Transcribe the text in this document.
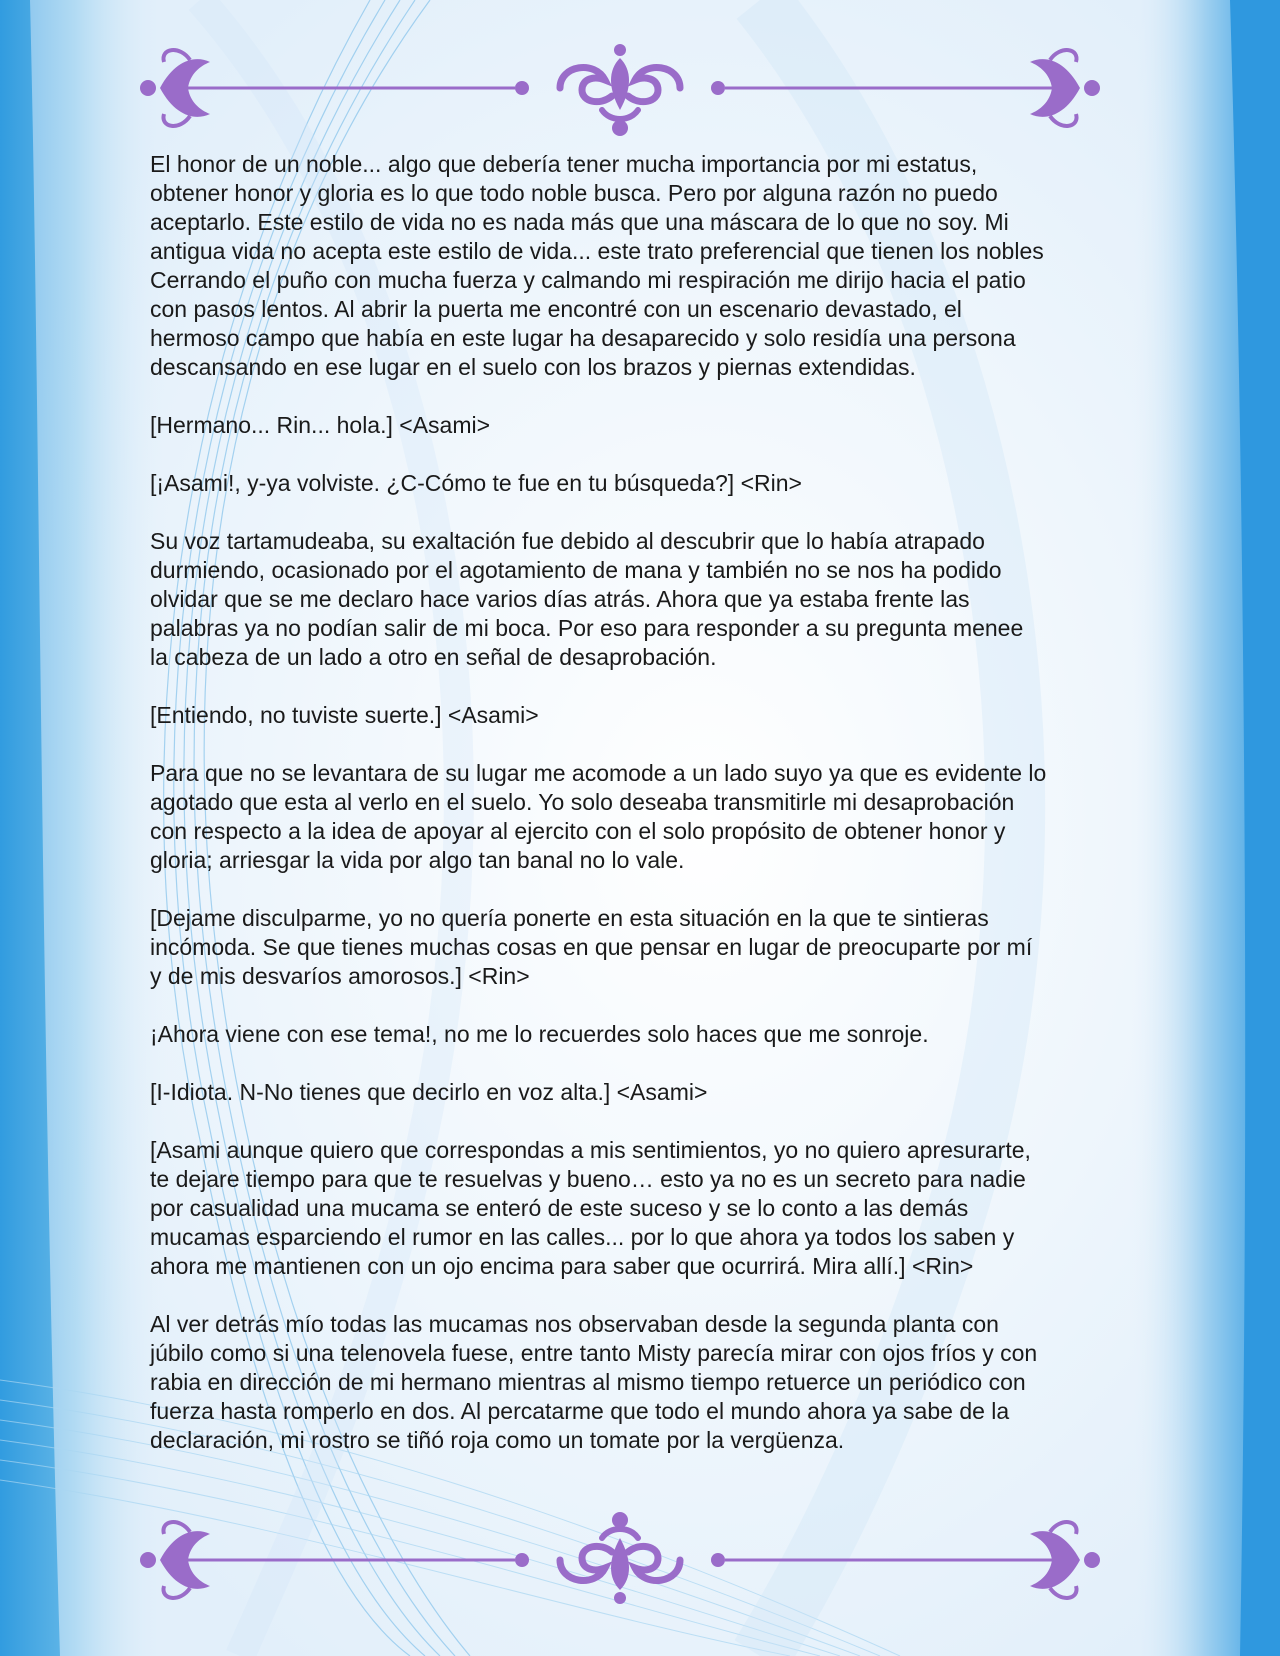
El honor de un noble... algo que debería tener mucha importancia por mi estatus,
obtener honor y gloria es lo que todo noble busca. Pero por alguna razón no puedo
aceptarlo. Este estilo de vida no es nada más que una máscara de lo que no soy. Mi
antigua vida no acepta este estilo de vida... este trato preferencial que tienen los nobles
Cerrando el puño con mucha fuerza y calmando mi respiración me dirijo hacia el patio
con pasos lentos. Al abrir la puerta me encontré con un escenario devastado, el
hermoso campo que había en este lugar ha desaparecido y solo residía una persona
descansando en ese lugar en el suelo con los brazos y piernas extendidas.

[Hermano... Rin... hola.] <Asami>

[¡Asami!, y-ya volviste. ¿C-Cómo te fue en tu búsqueda?] <Rin>

Su voz tartamudeaba, su exaltación fue debido al descubrir que lo había atrapado
durmiendo, ocasionado por el agotamiento de mana y también no se nos ha podido
olvidar que se me declaro hace varios días atrás. Ahora que ya estaba frente las
palabras ya no podían salir de mi boca. Por eso para responder a su pregunta menee
la cabeza de un lado a otro en señal de desaprobación.

[Entiendo, no tuviste suerte.] <Asami>

Para que no se levantara de su lugar me acomode a un lado suyo ya que es evidente lo
agotado que esta al verlo en el suelo. Yo solo deseaba transmitirle mi desaprobación
con respecto a la idea de apoyar al ejercito con el solo propósito de obtener honor y
gloria; arriesgar la vida por algo tan banal no lo vale.

[Dejame disculparme, yo no quería ponerte en esta situación en la que te sintieras
incómoda. Se que tienes muchas cosas en que pensar en lugar de preocuparte por mí
y de mis desvaríos amorosos.] <Rin>

¡Ahora viene con ese tema!, no me lo recuerdes solo haces que me sonroje.

[I-Idiota. N-No tienes que decirlo en voz alta.] <Asami>

[Asami aunque quiero que correspondas a mis sentimientos, yo no quiero apresurarte,
te dejare tiempo para que te resuelvas y bueno… esto ya no es un secreto para nadie
por casualidad una mucama se enteró de este suceso y se lo conto a las demás
mucamas esparciendo el rumor en las calles... por lo que ahora ya todos los saben y
ahora me mantienen con un ojo encima para saber que ocurrirá. Mira allí.] <Rin>

Al ver detrás mío todas las mucamas nos observaban desde la segunda planta con
júbilo como si una telenovela fuese, entre tanto Misty parecía mirar con ojos fríos y con
rabia en dirección de mi hermano mientras al mismo tiempo retuerce un periódico con
fuerza hasta romperlo en dos. Al percatarme que todo el mundo ahora ya sabe de la
declaración, mi rostro se tiñó roja como un tomate por la vergüenza.
